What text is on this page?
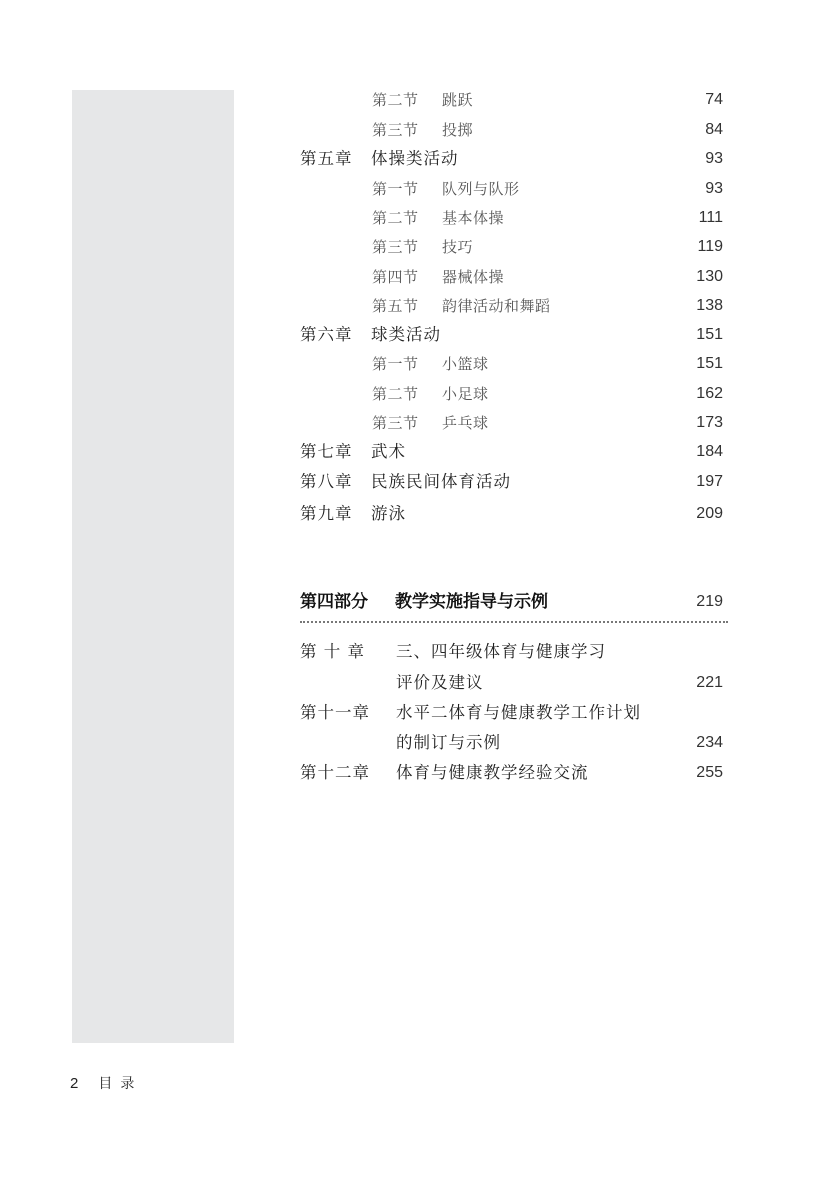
第二节 跳跃	74
第三节 投掷	84
第五章 体操类活动	93
第一节 队列与队形	93
第二节 基本体操	111
第三节 技巧	119
第四节 器械体操	130
第五节 韵律活动和舞蹈	138
第六章 球类活动	151
第一节 小篮球	151
第二节 小足球	162
第三节 乒乓球	173
第七章 武术	184
第八章 民族民间体育活动	197
第九章 游泳	209
第四部分 教学实施指导与示例	219
第 十 章 三、四年级体育与健康学习
评价及建议	221
第十一章 水平二体育与健康教学工作计划
的制订与示例	234
第十二章 体育与健康教学经验交流	255
2 目录
